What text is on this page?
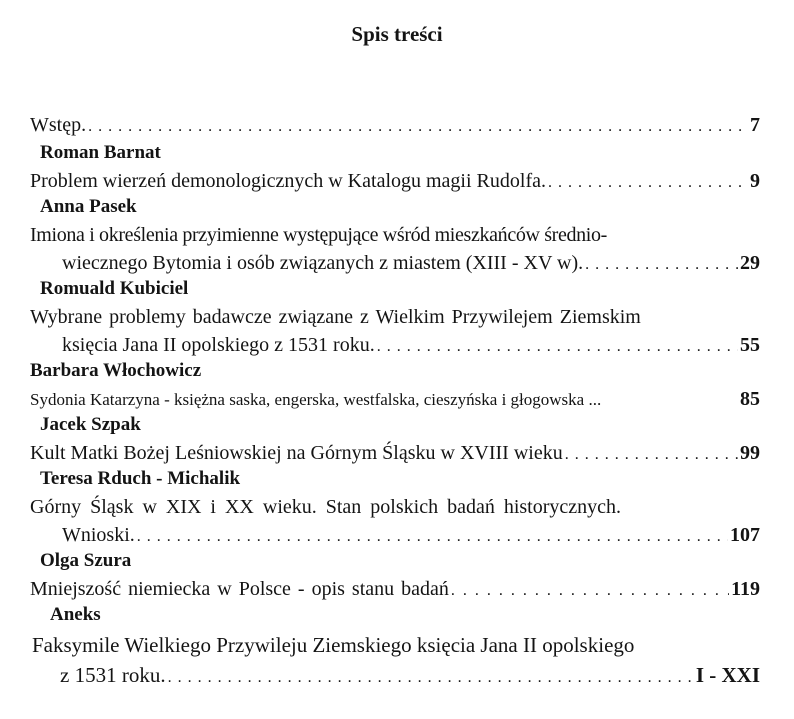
Spis treści
Wstęp. . . .	7
Roman Barnat
Problem wierzeń demonologicznych w Katalogu magii Rudolfa. . . .	9
Anna Pasek
Imiona i określenia przyimienne występujące wśród mieszkańców średnio-
wiecznego Bytomia i osób związanych z miastem (XIII - XV w). . . .	29
Romuald Kubiciel
Wybrane problemy badawcze związane z Wielkim Przywilejem Ziemskim
księcia Jana II opolskiego z 1531 roku. . . .	55
Barbara Włochowicz
Sydonia Katarzyna - księżna saska, engerska, westfalska, cieszyńska i głogowska ...	85
Jacek Szpak
Kult Matki Bożej Leśniowskiej na Górnym Śląsku w XVIII wieku . . .	99
Teresa Rduch - Michalik
Górny Śląsk w XIX i XX wieku. Stan polskich badań historycznych.
Wnioski. . . .	107
Olga Szura
Mniejszość niemiecka w Polsce - opis stanu badań . . .	119
Aneks
Faksymile Wielkiego Przywileju Ziemskiego księcia Jana II opolskiego
z 1531 roku. . . .	I - XXI
